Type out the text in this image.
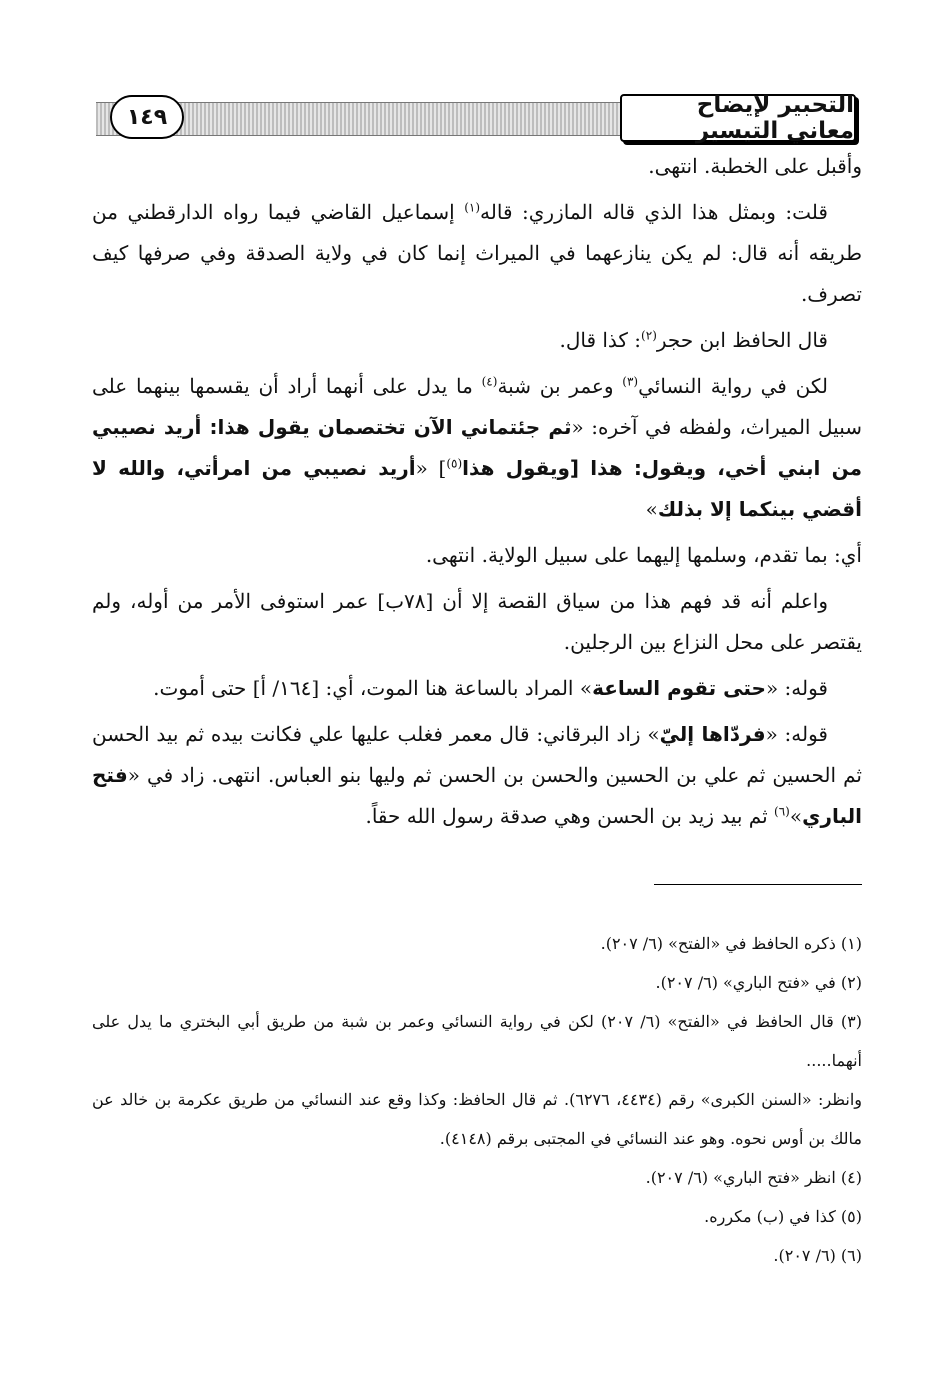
التحبير لإيضاح معاني التيسير
١٤٩

وأقبل على الخطبة. انتهى.

قلت: وبمثل هذا الذي قاله المازري: قاله$^{(١)}$ إسماعيل القاضي فيما رواه الدارقطني من طريقه أنه قال: لم يكن ينازعهما في الميراث إنما كان في ولاية الصدقة وفي صرفها كيف تصرف.

قال الحافظ ابن حجر$^{(٢)}$: كذا قال.

لكن في رواية النسائي$^{(٣)}$ وعمر بن شبة$^{(٤)}$ ما يدل على أنهما أراد أن يقسمها بينهما على سبيل الميراث، ولفظه في آخره: «ثم جئتماني الآن تختصمان يقول هذا: أريد نصيبي من ابني أخي، ويقول: هذا [ويقول هذا$^{(٥)}$] «أريد نصيبي من امرأتي، والله لا أقضي بينكما إلا بذلك»

أي: بما تقدم، وسلمها إليهما على سبيل الولاية. انتهى.

واعلم أنه قد فهم هذا من سياق القصة إلا أن [٧٨ب] عمر استوفى الأمر من أوله، ولم يقتصر على محل النزاع بين الرجلين.

قوله: «حتى تقوم الساعة» المراد بالساعة هنا الموت، أي: [١٦٤/ أ] حتى أموت.

قوله: «فردّاها إليّ» زاد البرقاني: قال معمر فغلب عليها علي فكانت بيده ثم بيد الحسن ثم الحسين ثم علي بن الحسين والحسن بن الحسن ثم وليها بنو العباس. انتهى. زاد في «فتح الباري»$^{(٦)}$ ثم بيد زيد بن الحسن وهي صدقة رسول الله حقاً.

(١) ذكره الحافظ في «الفتح» (٦/ ٢٠٧).

(٢) في «فتح الباري» (٦/ ٢٠٧).

(٣) قال الحافظ في «الفتح» (٦/ ٢٠٧) لكن في رواية النسائي وعمر بن شبة من طريق أبي البختري ما يدل على أنهما.....

وانظر: «السنن الكبرى» رقم (٤٤٣٤، ٦٢٧٦). ثم قال الحافظ: وكذا وقع عند النسائي من طريق عكرمة بن خالد عن مالك بن أوس نحوه. وهو عند النسائي في المجتبى برقم (٤١٤٨).

(٤) انظر «فتح الباري» (٦/ ٢٠٧).

(٥) كذا في (ب) مكرره.

(٦) (٦/ ٢٠٧).
